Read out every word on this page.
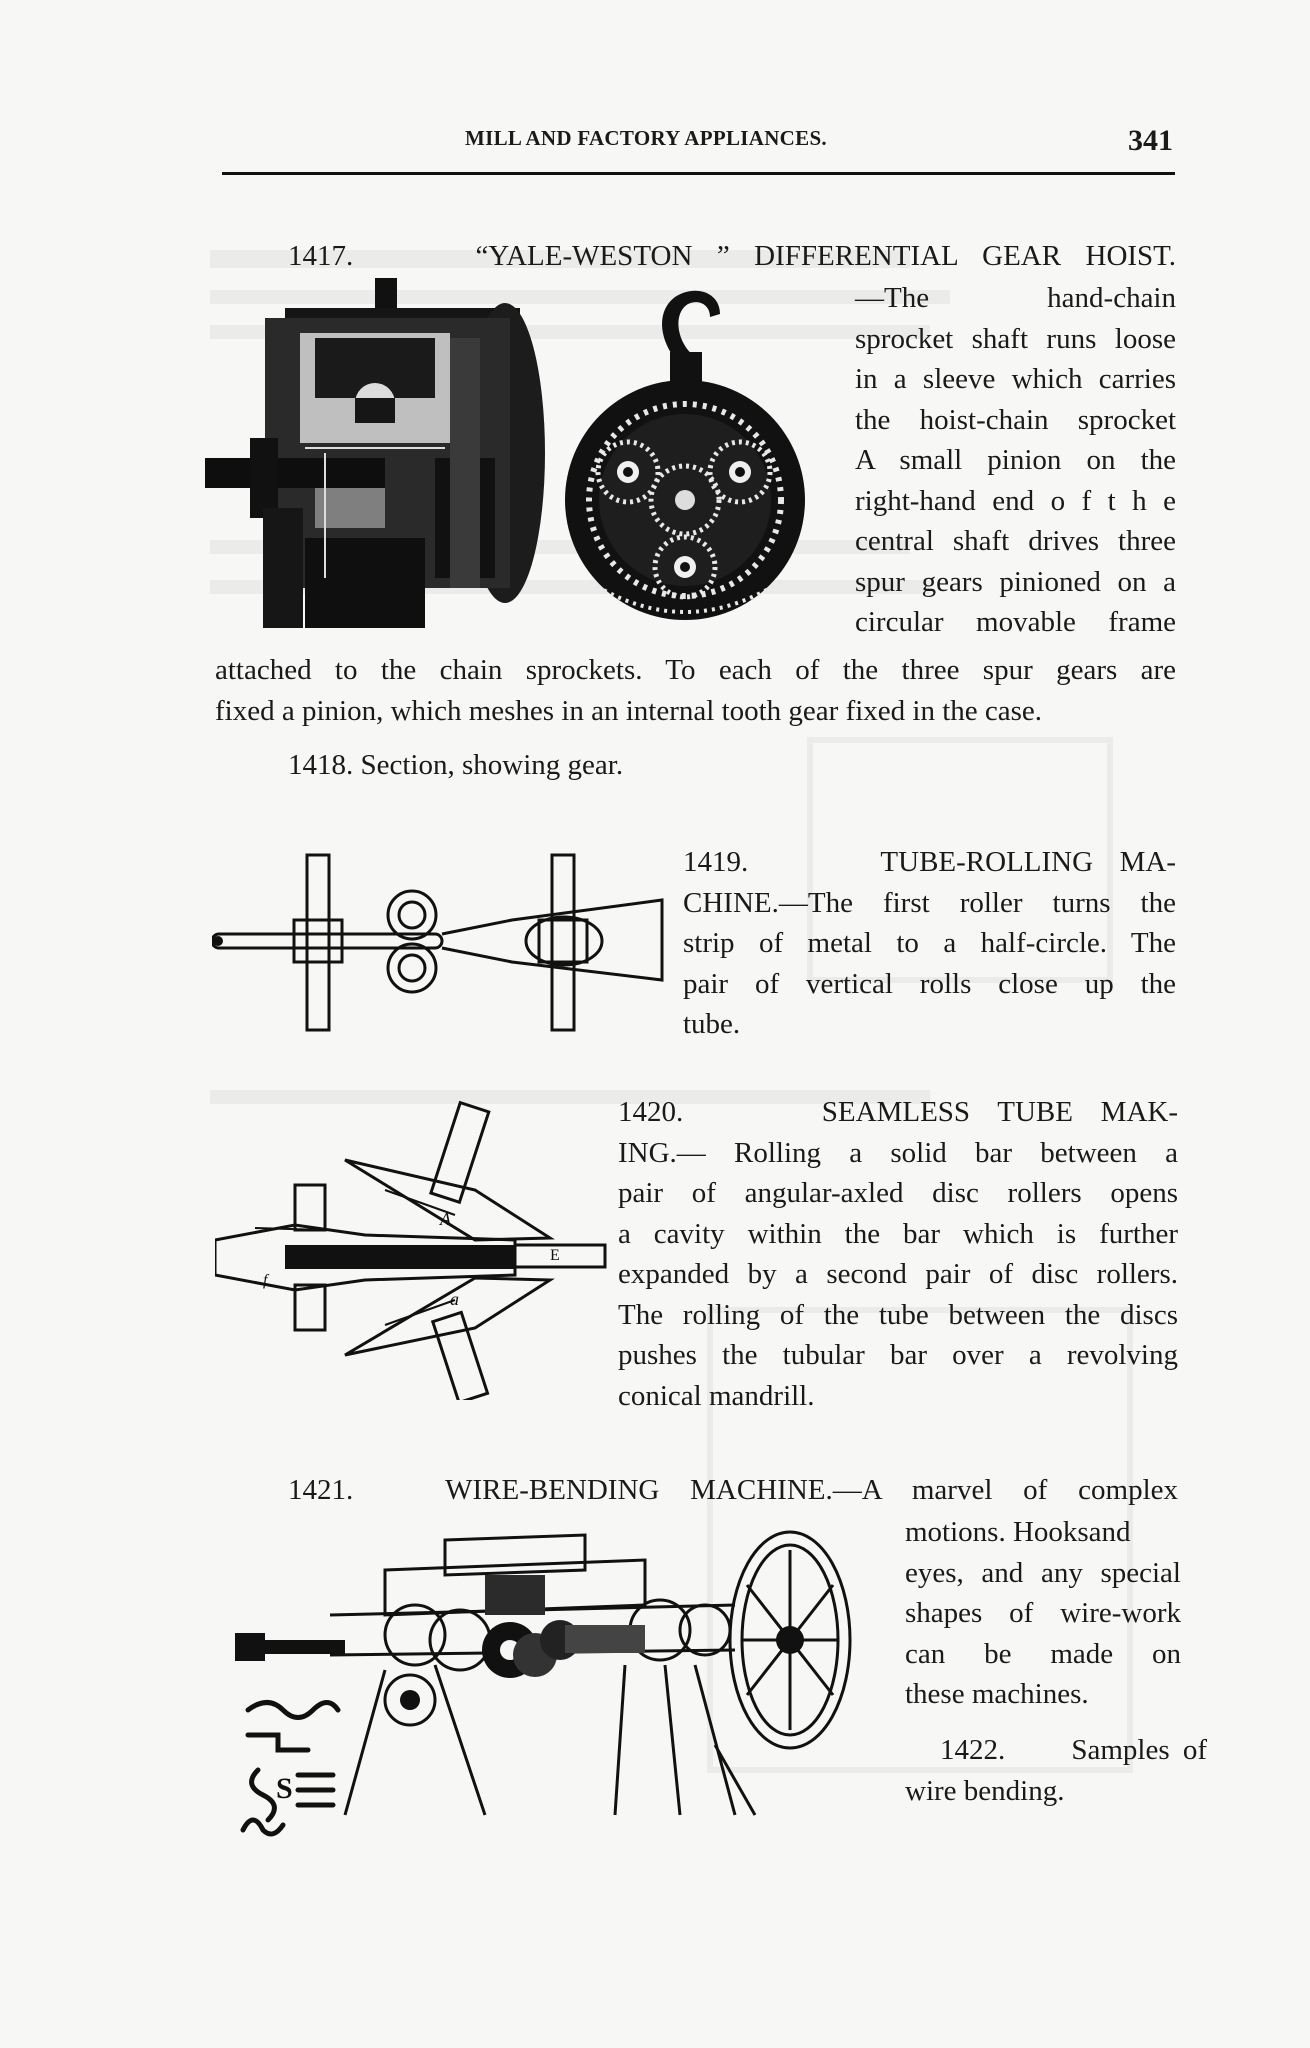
MILL AND FACTORY APPLIANCES.	341
1417.     “YALE-WESTON ” DIFFERENTIAL GEAR HOIST.
—The hand-chain
sprocket shaft runs loose
in a sleeve which carries
the hoist-chain sprocket
A small pinion on the
right-hand end o f t h e
central shaft drives three
spur gears pinioned on a
circular movable frame
attached to the chain sprockets. To each of the three spur gears are
fixed a pinion, which meshes in an internal tooth gear fixed in the case.
1418. Section, showing gear.
1419.     TUBE-ROLLING MA-
CHINE.—The first roller turns the
strip of metal to a half-circle. The
pair of vertical rolls close up the
tube.
1420.     SEAMLESS TUBE MAK-
ING.— Rolling a solid bar between a
pair of angular-axled disc rollers opens
a cavity within the bar which is further
expanded by a second pair of disc rollers.
The rolling of the tube between the discs
pushes the tubular bar over a revolving
conical mandrill.
A
a
E
f
1421.   WIRE-BENDING MACHINE.—A marvel of complex
motions. Hooksand
eyes, and any special
shapes of wire-work
can be made on
these machines.
1422.     Samples of
wire bending.
S
